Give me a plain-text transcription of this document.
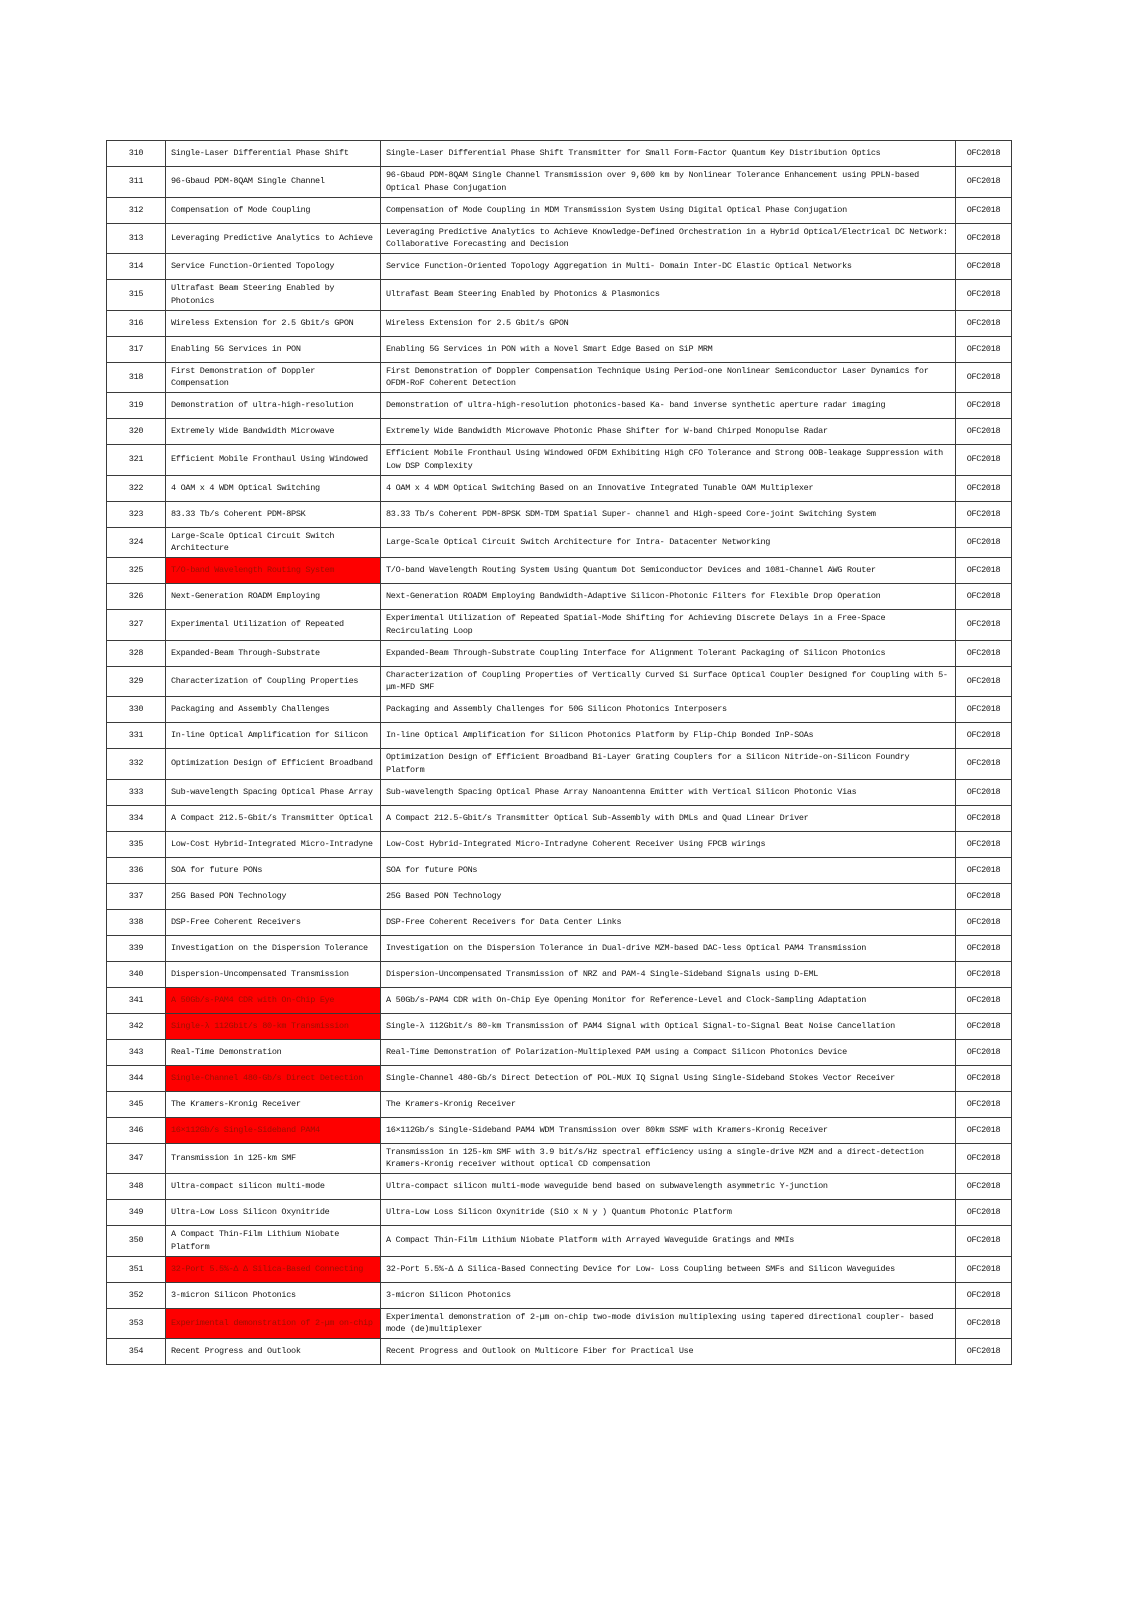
310	Single-Laser Differential Phase Shift	Single-Laser Differential Phase Shift Transmitter for Small Form-Factor Quantum Key Distribution Optics	OFC2018
311	96-Gbaud PDM-8QAM Single Channel	96-Gbaud PDM-8QAM Single Channel Transmission over 9,600 km by Nonlinear Tolerance Enhancement using PPLN-based Optical Phase Conjugation	OFC2018
312	Compensation of Mode Coupling	Compensation of Mode Coupling in MDM Transmission System Using Digital Optical Phase Conjugation	OFC2018
313	Leveraging Predictive Analytics to Achieve	Leveraging Predictive Analytics to Achieve Knowledge-Defined Orchestration in a Hybrid Optical/Electrical DC Network: Collaborative Forecasting and Decision	OFC2018
314	Service Function-Oriented Topology	Service Function-Oriented Topology Aggregation in Multi- Domain Inter-DC Elastic Optical Networks	OFC2018
315	Ultrafast Beam Steering Enabled by Photonics	Ultrafast Beam Steering Enabled by Photonics & Plasmonics	OFC2018
316	Wireless Extension for 2.5 Gbit/s GPON	Wireless Extension for 2.5 Gbit/s GPON	OFC2018
317	Enabling 5G Services in PON	Enabling 5G Services in PON with a Novel Smart Edge Based on SiP MRM	OFC2018
318	First Demonstration of Doppler Compensation	First Demonstration of Doppler Compensation Technique Using Period-one Nonlinear Semiconductor Laser Dynamics for OFDM-RoF Coherent Detection	OFC2018
319	Demonstration of ultra-high-resolution	Demonstration of ultra-high-resolution photonics-based Ka- band inverse synthetic aperture radar imaging	OFC2018
320	Extremely Wide Bandwidth Microwave	Extremely Wide Bandwidth Microwave Photonic Phase Shifter for W-band Chirped Monopulse Radar	OFC2018
321	Efficient Mobile Fronthaul Using Windowed	Efficient Mobile Fronthaul Using Windowed OFDM Exhibiting High CFO Tolerance and Strong OOB-leakage Suppression with Low DSP Complexity	OFC2018
322	4 OAM x 4 WDM Optical Switching	4 OAM x 4 WDM Optical Switching Based on an Innovative Integrated Tunable OAM Multiplexer	OFC2018
323	83.33 Tb/s Coherent PDM-8PSK	83.33 Tb/s Coherent PDM-8PSK SDM-TDM Spatial Super- channel and High-speed Core-joint Switching System	OFC2018
324	Large-Scale Optical Circuit Switch Architecture	Large-Scale Optical Circuit Switch Architecture for Intra- Datacenter Networking	OFC2018
325	T/O-band Wavelength Routing System	T/O-band Wavelength Routing System Using Quantum Dot Semiconductor Devices and 1081-Channel AWG Router	OFC2018
326	Next-Generation ROADM Employing	Next-Generation ROADM Employing Bandwidth-Adaptive Silicon-Photonic Filters for Flexible Drop Operation	OFC2018
327	Experimental Utilization of Repeated	Experimental Utilization of Repeated Spatial-Mode Shifting for Achieving Discrete Delays in a Free-Space Recirculating Loop	OFC2018
328	Expanded-Beam Through-Substrate	Expanded-Beam Through-Substrate Coupling Interface for Alignment Tolerant Packaging of Silicon Photonics	OFC2018
329	Characterization of Coupling Properties	Characterization of Coupling Properties of Vertically Curved Si Surface Optical Coupler Designed for Coupling with 5-μm-MFD SMF	OFC2018
330	Packaging and Assembly Challenges	Packaging and Assembly Challenges for 50G Silicon Photonics Interposers	OFC2018
331	In-line Optical Amplification for Silicon	In-line Optical Amplification for Silicon Photonics Platform by Flip-Chip Bonded InP-SOAs	OFC2018
332	Optimization Design of Efficient Broadband	Optimization Design of Efficient Broadband Bi-Layer Grating Couplers for a Silicon Nitride-on-Silicon Foundry Platform	OFC2018
333	Sub-wavelength Spacing Optical Phase Array	Sub-wavelength Spacing Optical Phase Array Nanoantenna Emitter with Vertical Silicon Photonic Vias	OFC2018
334	A Compact 212.5-Gbit/s Transmitter Optical	A Compact 212.5-Gbit/s Transmitter Optical Sub-Assembly with DMLs and Quad Linear Driver	OFC2018
335	Low-Cost Hybrid-Integrated Micro-Intradyne	Low-Cost Hybrid-Integrated Micro-Intradyne Coherent Receiver Using FPCB wirings	OFC2018
336	SOA for future PONs	SOA for future PONs	OFC2018
337	25G Based PON Technology	25G Based PON Technology	OFC2018
338	DSP-Free Coherent Receivers	DSP-Free Coherent Receivers for Data Center Links	OFC2018
339	Investigation on the Dispersion Tolerance	Investigation on the Dispersion Tolerance in Dual-drive MZM-based DAC-less Optical PAM4 Transmission	OFC2018
340	Dispersion-Uncompensated Transmission	Dispersion-Uncompensated Transmission of NRZ and PAM-4 Single-Sideband Signals using D-EML	OFC2018
341	A 50Gb/s-PAM4 CDR with On-Chip Eye	A 50Gb/s-PAM4 CDR with On-Chip Eye Opening Monitor for Reference-Level and Clock-Sampling Adaptation	OFC2018
342	Single-λ 112Gbit/s 80-km Transmission	Single-λ 112Gbit/s 80-km Transmission of PAM4 Signal with Optical Signal-to-Signal Beat Noise Cancellation	OFC2018
343	Real-Time Demonstration	Real-Time Demonstration of Polarization-Multiplexed PAM using a Compact Silicon Photonics Device	OFC2018
344	Single-Channel 480-Gb/s Direct Detection	Single-Channel 480-Gb/s Direct Detection of POL-MUX IQ Signal Using Single-Sideband Stokes Vector Receiver	OFC2018
345	The Kramers‐Kronig Receiver	The Kramers‐Kronig Receiver	OFC2018
346	16×112Gb/s Single-Sideband PAM4	16×112Gb/s Single-Sideband PAM4 WDM Transmission over 80km SSMF with Kramers-Kronig Receiver	OFC2018
347	Transmission in 125-km SMF	Transmission in 125-km SMF with 3.9 bit/s/Hz spectral efficiency using a single-drive MZM and a direct-detection Kramers-Kronig receiver without optical CD compensation	OFC2018
348	Ultra-compact silicon multi-mode	Ultra-compact silicon multi-mode waveguide bend based on subwavelength asymmetric Y-junction	OFC2018
349	Ultra-Low Loss Silicon Oxynitride	Ultra-Low Loss Silicon Oxynitride (SiO x N y ) Quantum Photonic Platform	OFC2018
350	A Compact Thin-Film Lithium Niobate Platform	A Compact Thin-Film Lithium Niobate Platform with Arrayed Waveguide Gratings and MMIs	OFC2018
351	32-Port 5.5%-Δ Δ Silica-Based Connecting	32-Port 5.5%-Δ Δ Silica-Based Connecting Device for Low- Loss Coupling between SMFs and Silicon Waveguides	OFC2018
352	3-micron Silicon Photonics	3-micron Silicon Photonics	OFC2018
353	Experimental demonstration of 2-μm on-chip	Experimental demonstration of 2-μm on-chip two-mode division multiplexing using tapered directional coupler- based mode (de)multiplexer	OFC2018
354	Recent Progress and Outlook	Recent Progress and Outlook on Multicore Fiber for Practical Use	OFC2018
